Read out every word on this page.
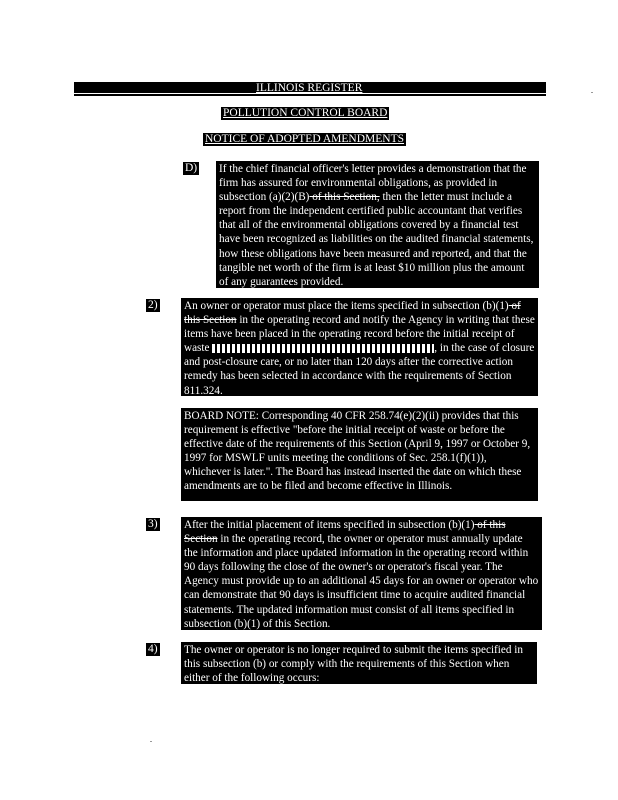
ILLINOIS REGISTER
POLLUTION CONTROL BOARD
NOTICE OF ADOPTED AMENDMENTS
D) If the chief financial officer's letter provides a demonstration that the firm has assured for environmental obligations, as provided in subsection (a)(2)(B) of this Section, then the letter must include a report from the independent certified public accountant that verifies that all of the environmental obligations covered by a financial test have been recognized as liabilities on the audited financial statements, how these obligations have been measured and reported, and that the tangible net worth of the firm is at least $10 million plus the amount of any guarantees provided.
2) An owner or operator must place the items specified in subsection (b)(1) of this Section in the operating record and notify the Agency in writing that these items have been placed in the operating record before the initial receipt of waste	, in the case of closure and post-closure care, or no later than 120 days after the corrective action remedy has been selected in accordance with the requirements of Section 811.324.
BOARD NOTE: Corresponding 40 CFR 258.74(e)(2)(ii) provides that this requirement is effective "before the initial receipt of waste or before the effective date of the requirements of this Section (April 9, 1997 or October 9, 1997 for MSWLF units meeting the conditions of Sec. 258.1(f)(1)), whichever is later.". The Board has instead inserted the date on which these amendments are to be filed and become effective in Illinois.
3) After the initial placement of items specified in subsection (b)(1) of this Section in the operating record, the owner or operator must annually update the information and place updated information in the operating record within 90 days following the close of the owner's or operator's fiscal year. The Agency must provide up to an additional 45 days for an owner or operator who can demonstrate that 90 days is insufficient time to acquire audited financial statements. The updated information must consist of all items specified in subsection (b)(1) of this Section.
4) The owner or operator is no longer required to submit the items specified in this subsection (b) or comply with the requirements of this Section when either of the following occurs:
